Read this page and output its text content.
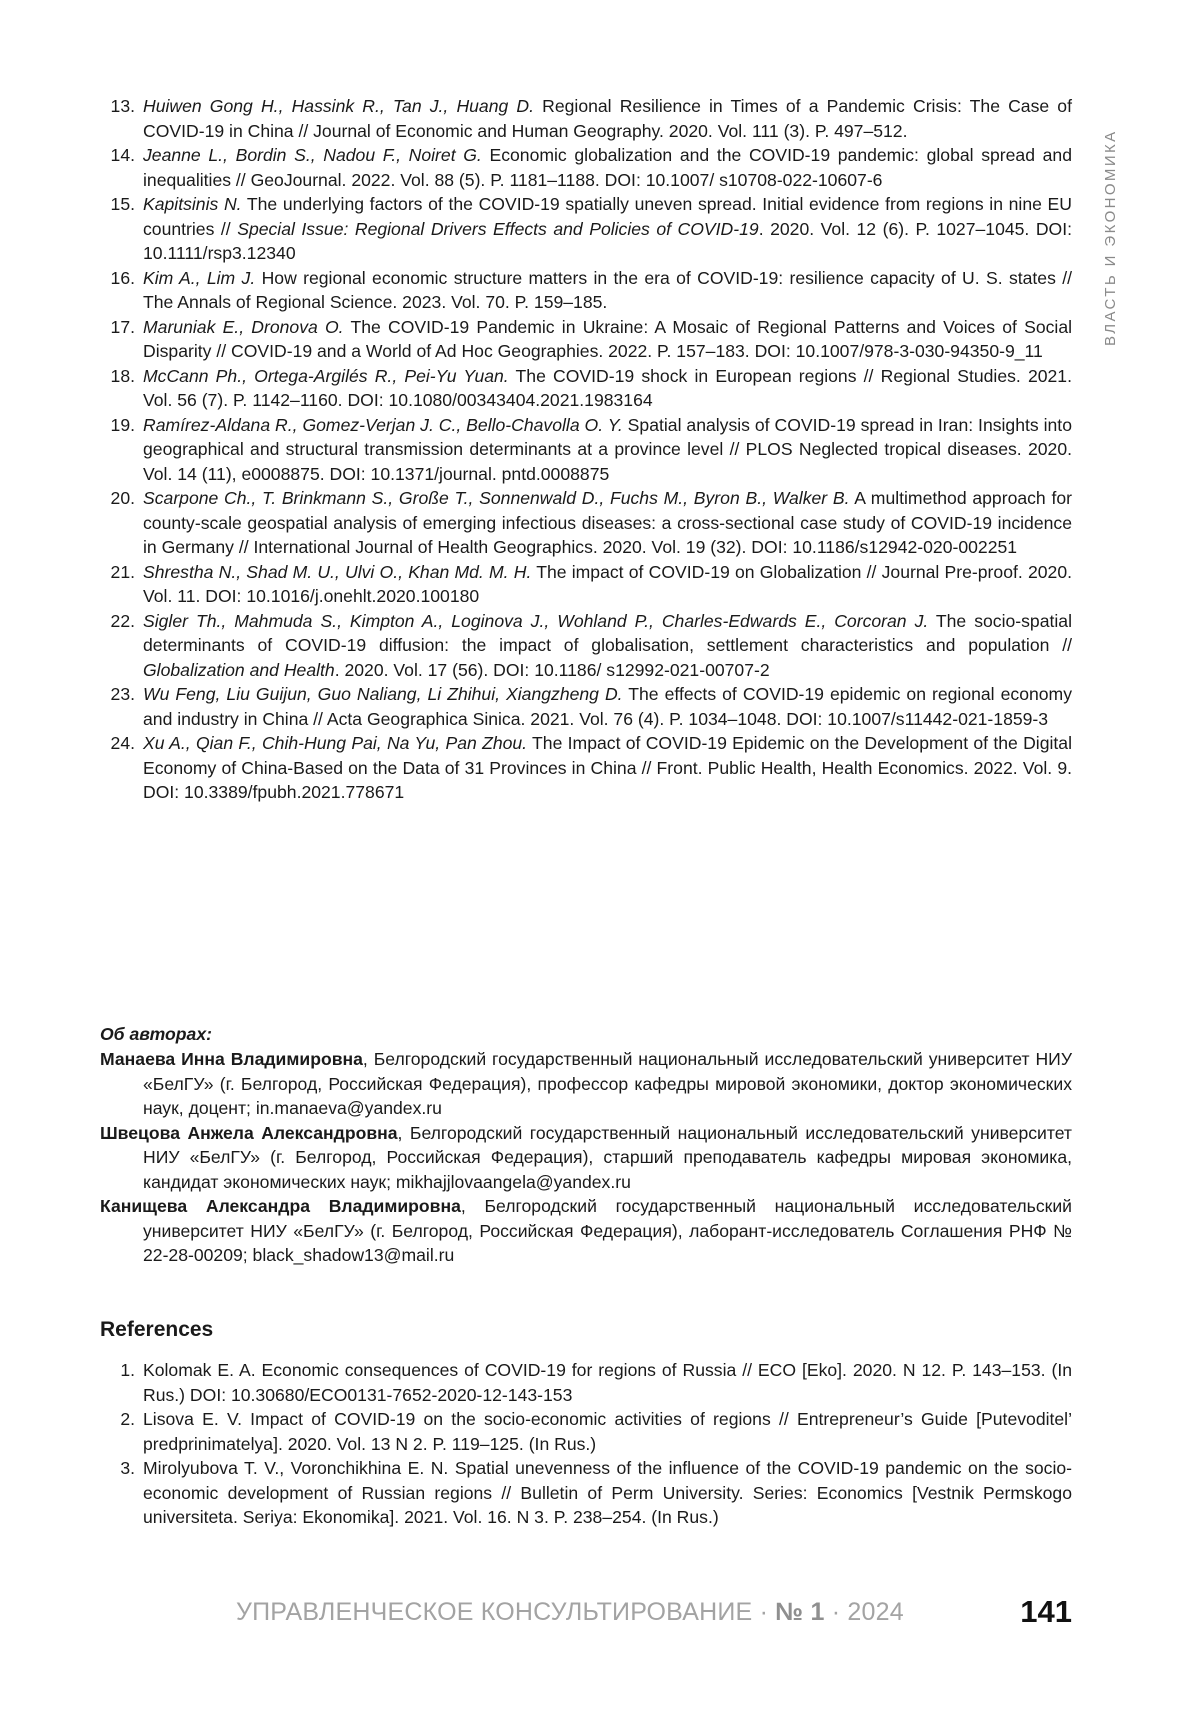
ВЛАСТЬ И ЭКОНОМИКА
13. Huiwen Gong H., Hassink R., Tan J., Huang D. Regional Resilience in Times of a Pandemic Crisis: The Case of COVID-19 in China // Journal of Economic and Human Geography. 2020. Vol. 111 (3). P. 497–512.
14. Jeanne L., Bordin S., Nadou F., Noiret G. Economic globalization and the COVID-19 pandemic: global spread and inequalities // GeoJournal. 2022. Vol. 88 (5). P. 1181–1188. DOI: 10.1007/ s10708-022-10607-6
15. Kapitsinis N. The underlying factors of the COVID-19 spatially uneven spread. Initial evidence from regions in nine EU countries // Special Issue: Regional Drivers Effects and Policies of COVID-19. 2020. Vol. 12 (6). P. 1027–1045. DOI: 10.1111/rsp3.12340
16. Kim A., Lim J. How regional economic structure matters in the era of COVID-19: resilience capacity of U. S. states // The Annals of Regional Science. 2023. Vol. 70. P. 159–185.
17. Maruniak E., Dronova O. The COVID-19 Pandemic in Ukraine: A Mosaic of Regional Patterns and Voices of Social Disparity // COVID-19 and a World of Ad Hoc Geographies. 2022. P. 157–183. DOI: 10.1007/978-3-030-94350-9_11
18. McCann Ph., Ortega-Argilés R., Pei-Yu Yuan. The COVID-19 shock in European regions // Regional Studies. 2021. Vol. 56 (7). P. 1142–1160. DOI: 10.1080/00343404.2021.1983164
19. Ramírez-Aldana R., Gomez-Verjan J. C., Bello-Chavolla O. Y. Spatial analysis of COVID-19 spread in Iran: Insights into geographical and structural transmission determinants at a province level // PLOS Neglected tropical diseases. 2020. Vol. 14 (11), e0008875. DOI: 10.1371/journal. pntd.0008875
20. Scarpone Ch., T. Brinkmann S., Große T., Sonnenwald D., Fuchs M., Byron B., Walker B. A multimethod approach for county-scale geospatial analysis of emerging infectious diseases: a cross-sectional case study of COVID-19 incidence in Germany // International Journal of Health Geographics. 2020. Vol. 19 (32). DOI: 10.1186/s12942-020-002251
21. Shrestha N., Shad M. U., Ulvi O., Khan Md. M. H. The impact of COVID-19 on Globalization // Journal Pre-proof. 2020. Vol. 11. DOI: 10.1016/j.onehlt.2020.100180
22. Sigler Th., Mahmuda S., Kimpton A., Loginova J., Wohland P., Charles-Edwards E., Corcoran J. The socio-spatial determinants of COVID-19 diffusion: the impact of globalisation, settlement characteristics and population // Globalization and Health. 2020. Vol. 17 (56). DOI: 10.1186/ s12992-021-00707-2
23. Wu Feng, Liu Guijun, Guo Naliang, Li Zhihui, Xiangzheng D. The effects of COVID-19 epidemic on regional economy and industry in China // Acta Geographica Sinica. 2021. Vol. 76 (4). P. 1034–1048. DOI: 10.1007/s11442-021-1859-3
24. Xu A., Qian F., Chih-Hung Pai, Na Yu, Pan Zhou. The Impact of COVID-19 Epidemic on the Development of the Digital Economy of China-Based on the Data of 31 Provinces in China // Front. Public Health, Health Economics. 2022. Vol. 9. DOI: 10.3389/fpubh.2021.778671
Об авторах:
Манаева Инна Владимировна, Белгородский государственный национальный исследовательский университет НИУ «БелГУ» (г. Белгород, Российская Федерация), профессор кафедры мировой экономики, доктор экономических наук, доцент; in.manaeva@yandex.ru
Швецова Анжела Александровна, Белгородский государственный национальный исследовательский университет НИУ «БелГУ» (г. Белгород, Российская Федерация), старший преподаватель кафедры мировая экономика, кандидат экономических наук; mikhajjlovaangela@yandex.ru
Канищева Александра Владимировна, Белгородский государственный национальный исследовательский университет НИУ «БелГУ» (г. Белгород, Российская Федерация), лаборант-исследователь Соглашения РНФ № 22-28-00209; black_shadow13@mail.ru
References
1. Kolomak E. A. Economic consequences of COVID-19 for regions of Russia // ECO [Eko]. 2020. N 12. P. 143–153. (In Rus.) DOI: 10.30680/ECO0131-7652-2020-12-143-153
2. Lisova E. V. Impact of COVID-19 on the socio-economic activities of regions // Entrepreneur’s Guide [Putevoditel’ predprinimatelya]. 2020. Vol. 13 N 2. P. 119–125. (In Rus.)
3. Mirolyubova T. V., Voronchikhina E. N. Spatial unevenness of the influence of the COVID-19 pandemic on the socio-economic development of Russian regions // Bulletin of Perm University. Series: Economics [Vestnik Permskogo universiteta. Seriya: Ekonomika]. 2021. Vol. 16. N 3. P. 238–254. (In Rus.)
УПРАВЛЕНЧЕСКОЕ КОНСУЛЬТИРОВАНИЕ · № 1 · 2024	141
